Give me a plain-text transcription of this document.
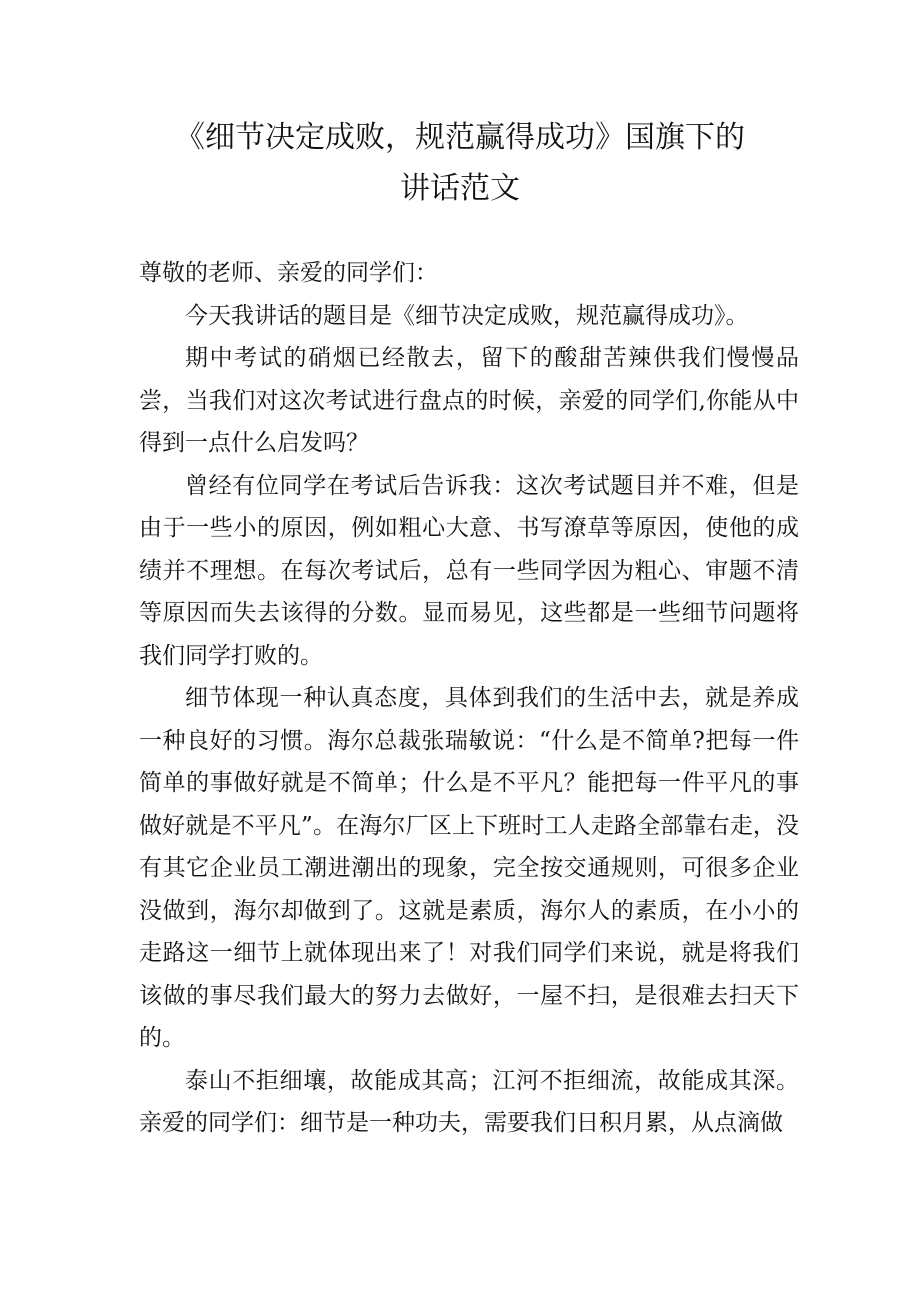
《细节决定成败，规范赢得成功》国旗下的
讲话范文

尊敬的老师、亲爱的同学们：

今天我讲话的题目是《细节决定成败，规范赢得成功》。

期中考试的硝烟已经散去，留下的酸甜苦辣供我们慢慢品尝，当我们对这次考试进行盘点的时候，亲爱的同学们,你能从中得到一点什么启发吗？

曾经有位同学在考试后告诉我：这次考试题目并不难，但是由于一些小的原因，例如粗心大意、书写潦草等原因，使他的成绩并不理想。在每次考试后，总有一些同学因为粗心、审题不清等原因而失去该得的分数。显而易见，这些都是一些细节问题将我们同学打败的。

细节体现一种认真态度，具体到我们的生活中去，就是养成一种良好的习惯。海尔总裁张瑞敏说：“什么是不简单?把每一件简单的事做好就是不简单；什么是不平凡？能把每一件平凡的事做好就是不平凡”。在海尔厂区上下班时工人走路全部靠右走，没有其它企业员工潮进潮出的现象，完全按交通规则，可很多企业没做到，海尔却做到了。这就是素质，海尔人的素质，在小小的走路这一细节上就体现出来了！对我们同学们来说，就是将我们该做的事尽我们最大的努力去做好，一屋不扫，是很难去扫天下的。

泰山不拒细壤，故能成其高；江河不拒细流，故能成其深。亲爱的同学们：细节是一种功夫，需要我们日积月累，从点滴做
